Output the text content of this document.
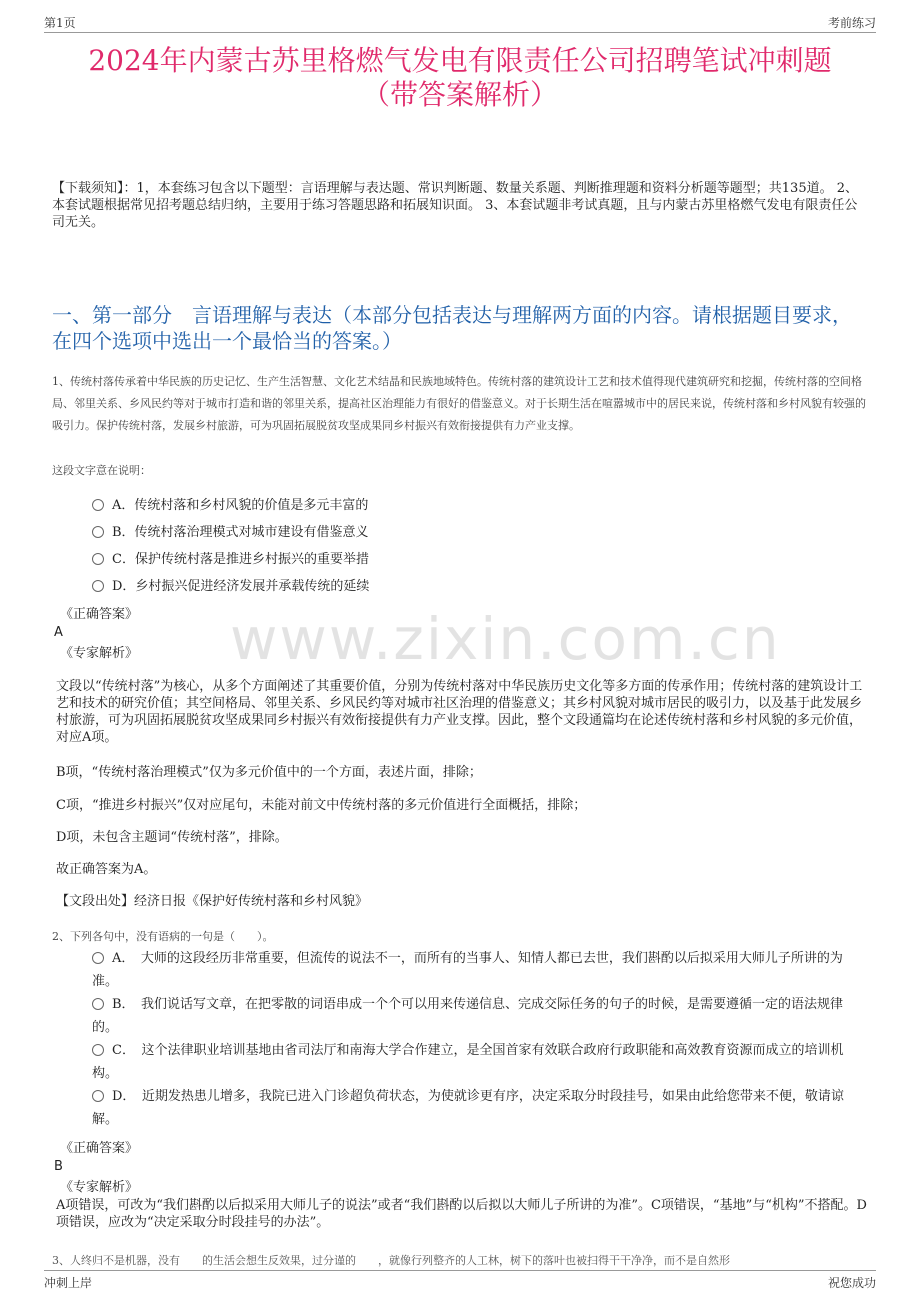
第1页	考前练习
2024年内蒙古苏里格燃气发电有限责任公司招聘笔试冲刺题
（带答案解析）
【下载须知】：1，本套练习包含以下题型：言语理解与表达题、常识判断题、数量关系题、判断推理题和资料分析题等题型；共135道。 2、本套试题根据常见招考题总结归纳，主要用于练习答题思路和拓展知识面。 3、本套试题非考试真题，且与内蒙古苏里格燃气发电有限责任公司无关。
一、第一部分　言语理解与表达（本部分包括表达与理解两方面的内容。请根据题目要求，在四个选项中选出一个最恰当的答案。）
1、传统村落传承着中华民族的历史记忆、生产生活智慧、文化艺术结晶和民族地域特色。传统村落的建筑设计工艺和技术值得现代建筑研究和挖掘，传统村落的空间格局、邻里关系、乡风民约等对于城市打造和谐的邻里关系，提高社区治理能力有很好的借鉴意义。对于长期生活在喧嚣城市中的居民来说，传统村落和乡村风貌有较强的吸引力。保护传统村落，发展乡村旅游，可为巩固拓展脱贫攻坚成果同乡村振兴有效衔接提供有力产业支撑。
这段文字意在说明：
A．传统村落和乡村风貌的价值是多元丰富的
B．传统村落治理模式对城市建设有借鉴意义
C．保护传统村落是推进乡村振兴的重要举措
D．乡村振兴促进经济发展并承载传统的延续
www.zixin.com.cn
《正确答案》
A
《专家解析》
文段以“传统村落”为核心，从多个方面阐述了其重要价值，分别为传统村落对中华民族历史文化等多方面的传承作用；传统村落的建筑设计工艺和技术的研究价值；其空间格局、邻里关系、乡风民约等对城市社区治理的借鉴意义；其乡村风貌对城市居民的吸引力，以及基于此发展乡村旅游，可为巩固拓展脱贫攻坚成果同乡村振兴有效衔接提供有力产业支撑。因此，整个文段通篇均在论述传统村落和乡村风貌的多元价值，对应A项。
B项，“传统村落治理模式”仅为多元价值中的一个方面，表述片面，排除；
C项，“推进乡村振兴”仅对应尾句，未能对前文中传统村落的多元价值进行全面概括，排除；
D项，未包含主题词“传统村落”，排除。
故正确答案为A。
【文段出处】经济日报《保护好传统村落和乡村风貌》
2、下列各句中，没有语病的一句是（　　）。
A．　大师的这段经历非常重要，但流传的说法不一，而所有的当事人、知情人都已去世，我们斟酌以后拟采用大师儿子所讲的为准。
B．　我们说话写文章，在把零散的词语串成一个个可以用来传递信息、完成交际任务的句子的时候，是需要遵循一定的语法规律的。
C．　这个法律职业培训基地由省司法厅和南海大学合作建立，是全国首家有效联合政府行政职能和高效教育资源而成立的培训机构。
D．　近期发热患儿增多，我院已进入门诊超负荷状态，为使就诊更有序，决定采取分时段挂号，如果由此给您带来不便，敬请谅解。
《正确答案》
B
《专家解析》
A项错误，可改为“我们斟酌以后拟采用大师儿子的说法”或者“我们斟酌以后拟以大师儿子所讲的为准”。C项错误，“基地”与“机构”不搭配。D项错误，应改为“决定采取分时段挂号的办法”。
3、人终归不是机器，没有　　的生活会想生反效果，过分谨的　　，就像行列整齐的人工林，树下的落叶也被扫得干干净净，而不是自然形
冲刺上岸	祝您成功
